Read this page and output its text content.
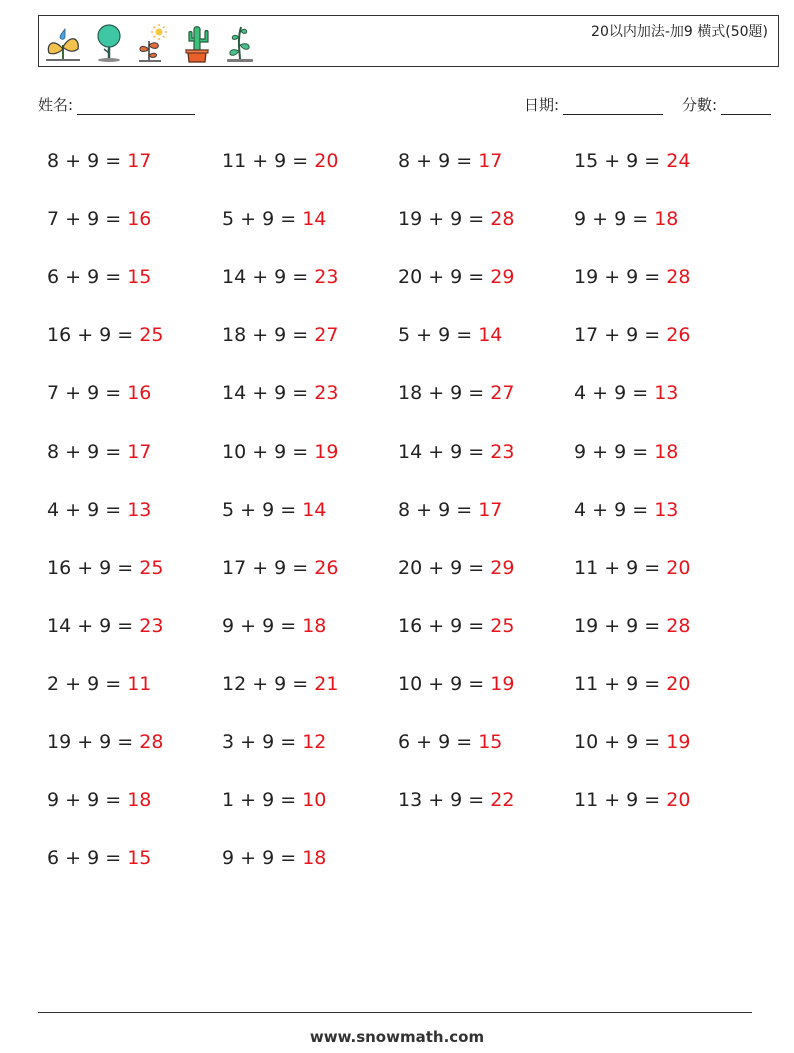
20以内加法-加9 横式(50題)
姓名:	日期:	分數:
8 + 9 = 17
7 + 9 = 16
6 + 9 = 15
16 + 9 = 25
7 + 9 = 16
8 + 9 = 17
4 + 9 = 13
16 + 9 = 25
14 + 9 = 23
2 + 9 = 11
19 + 9 = 28
9 + 9 = 18
6 + 9 = 15
11 + 9 = 20
5 + 9 = 14
14 + 9 = 23
18 + 9 = 27
14 + 9 = 23
10 + 9 = 19
5 + 9 = 14
17 + 9 = 26
9 + 9 = 18
12 + 9 = 21
3 + 9 = 12
1 + 9 = 10
9 + 9 = 18
8 + 9 = 17
19 + 9 = 28
20 + 9 = 29
5 + 9 = 14
18 + 9 = 27
14 + 9 = 23
8 + 9 = 17
20 + 9 = 29
16 + 9 = 25
10 + 9 = 19
6 + 9 = 15
13 + 9 = 22
15 + 9 = 24
9 + 9 = 18
19 + 9 = 28
17 + 9 = 26
4 + 9 = 13
9 + 9 = 18
4 + 9 = 13
11 + 9 = 20
19 + 9 = 28
11 + 9 = 20
10 + 9 = 19
11 + 9 = 20
www.snowmath.com
